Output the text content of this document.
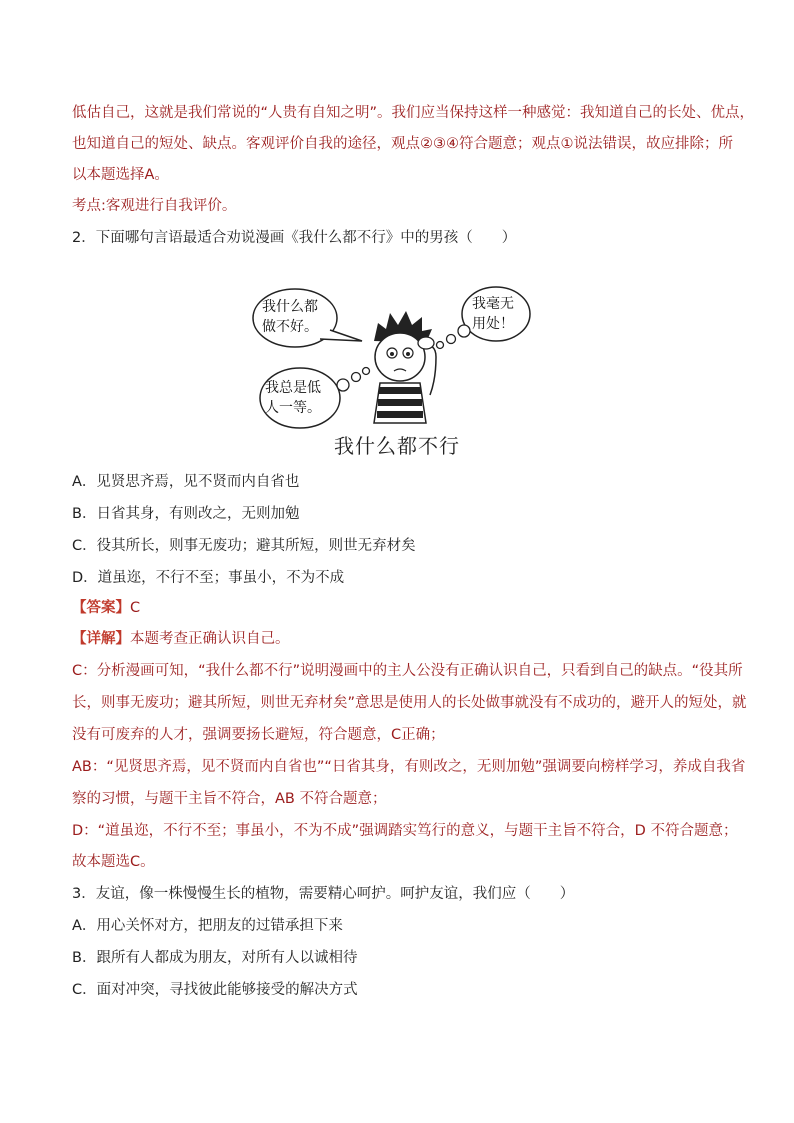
低估自己，这就是我们常说的“人贵有自知之明”。我们应当保持这样一种感觉：我知道自己的长处、优点，
也知道自己的短处、缺点。客观评价自我的途径，观点②③④符合题意；观点①说法错误，故应排除；所
以本题选择A。
考点:客观进行自我评价。
2．下面哪句言语最适合劝说漫画《我什么都不行》中的男孩（　　）
我什么都
做不好。
我毫无
用处！
我总是低
人一等。
我什么都不行
A．见贤思齐焉，见不贤而内自省也
B．日省其身，有则改之，无则加勉
C．役其所长，则事无废功；避其所短，则世无弃材矣
D．道虽迩，不行不至；事虽小，不为不成
【答案】C
【详解】本题考查正确认识自己。
C：分析漫画可知，“我什么都不行”说明漫画中的主人公没有正确认识自己，只看到自己的缺点。“役其所
长，则事无废功；避其所短，则世无弃材矣”意思是使用人的长处做事就没有不成功的，避开人的短处，就
没有可废弃的人才，强调要扬长避短，符合题意，C正确；
AB：“见贤思齐焉，见不贤而内自省也”“日省其身，有则改之，无则加勉”强调要向榜样学习，养成自我省
察的习惯，与题干主旨不符合，AB 不符合题意；
D：“道虽迩，不行不至；事虽小，不为不成”强调踏实笃行的意义，与题干主旨不符合，D 不符合题意；
故本题选C。
3．友谊，像一株慢慢生长的植物，需要精心呵护。呵护友谊，我们应（　　）
A．用心关怀对方，把朋友的过错承担下来
B．跟所有人都成为朋友，对所有人以诚相待
C．面对冲突，寻找彼此能够接受的解决方式
